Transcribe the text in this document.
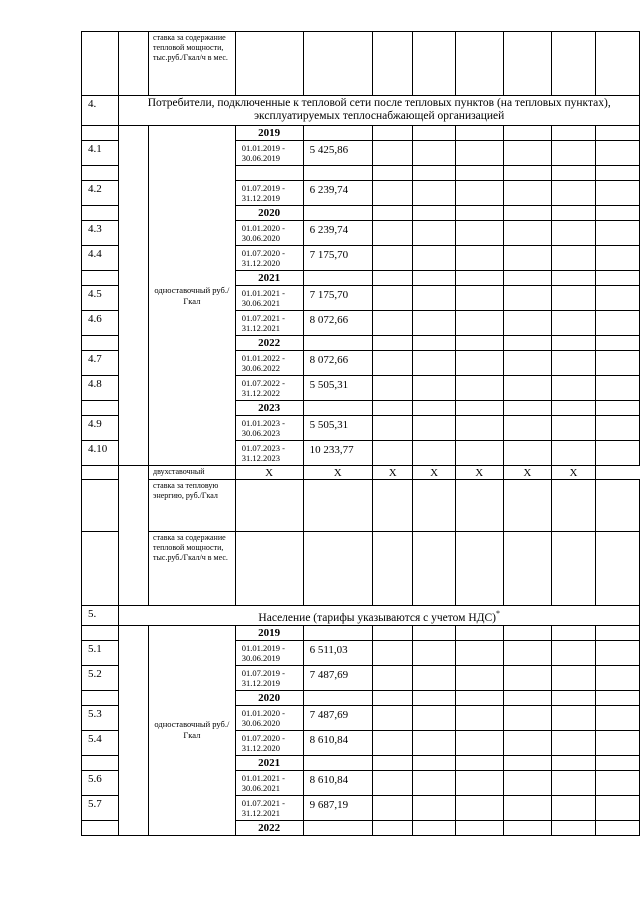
		ставка за содержание тепловой мощности, тыс.руб./Гкал/ч в мес.								
4.	Потребители, подключенные к тепловой сети после тепловых пунктов (на тепловых пунктах), эксплуатируемых теплоснабжающей организацией									
		одноставочный руб./Гкал	2019							
4.1			01.01.2019 - 30.06.2019	5 425,86						

4.2			01.07.2019 - 31.12.2019	6 239,74						
			2020							
4.3			01.01.2020 - 30.06.2020	6 239,74						
4.4			01.07.2020 - 31.12.2020	7 175,70						
			2021							
4.5			01.01.2021 - 30.06.2021	7 175,70						
4.6			01.07.2021 - 31.12.2021	8 072,66						
			2022							
4.7			01.01.2022 - 30.06.2022	8 072,66						
4.8			01.07.2022 - 31.12.2022	5 505,31						
			2023							
4.9			01.01.2023 - 30.06.2023	5 505,31						
4.10			01.07.2023 - 31.12.2023	10 233,77						
		двухставочный	X	X	X	X	X	X	X	
		ставка за тепловую энергию, руб./Гкал								
		ставка за содержание тепловой мощности, тыс.руб./Гкал/ч в мес.								
5.	Население (тарифы указываются с учетом НДС)*
		одноставочный руб./Гкал	2019							
5.1			01.01.2019 - 30.06.2019	6 511,03						
5.2			01.07.2019 - 31.12.2019	7 487,69						
			2020							
5.3			01.01.2020 - 30.06.2020	7 487,69						
5.4			01.07.2020 - 31.12.2020	8 610,84						
			2021							
5.6			01.01.2021 - 30.06.2021	8 610,84						
5.7			01.07.2021 - 31.12.2021	9 687,19						
			2022							
